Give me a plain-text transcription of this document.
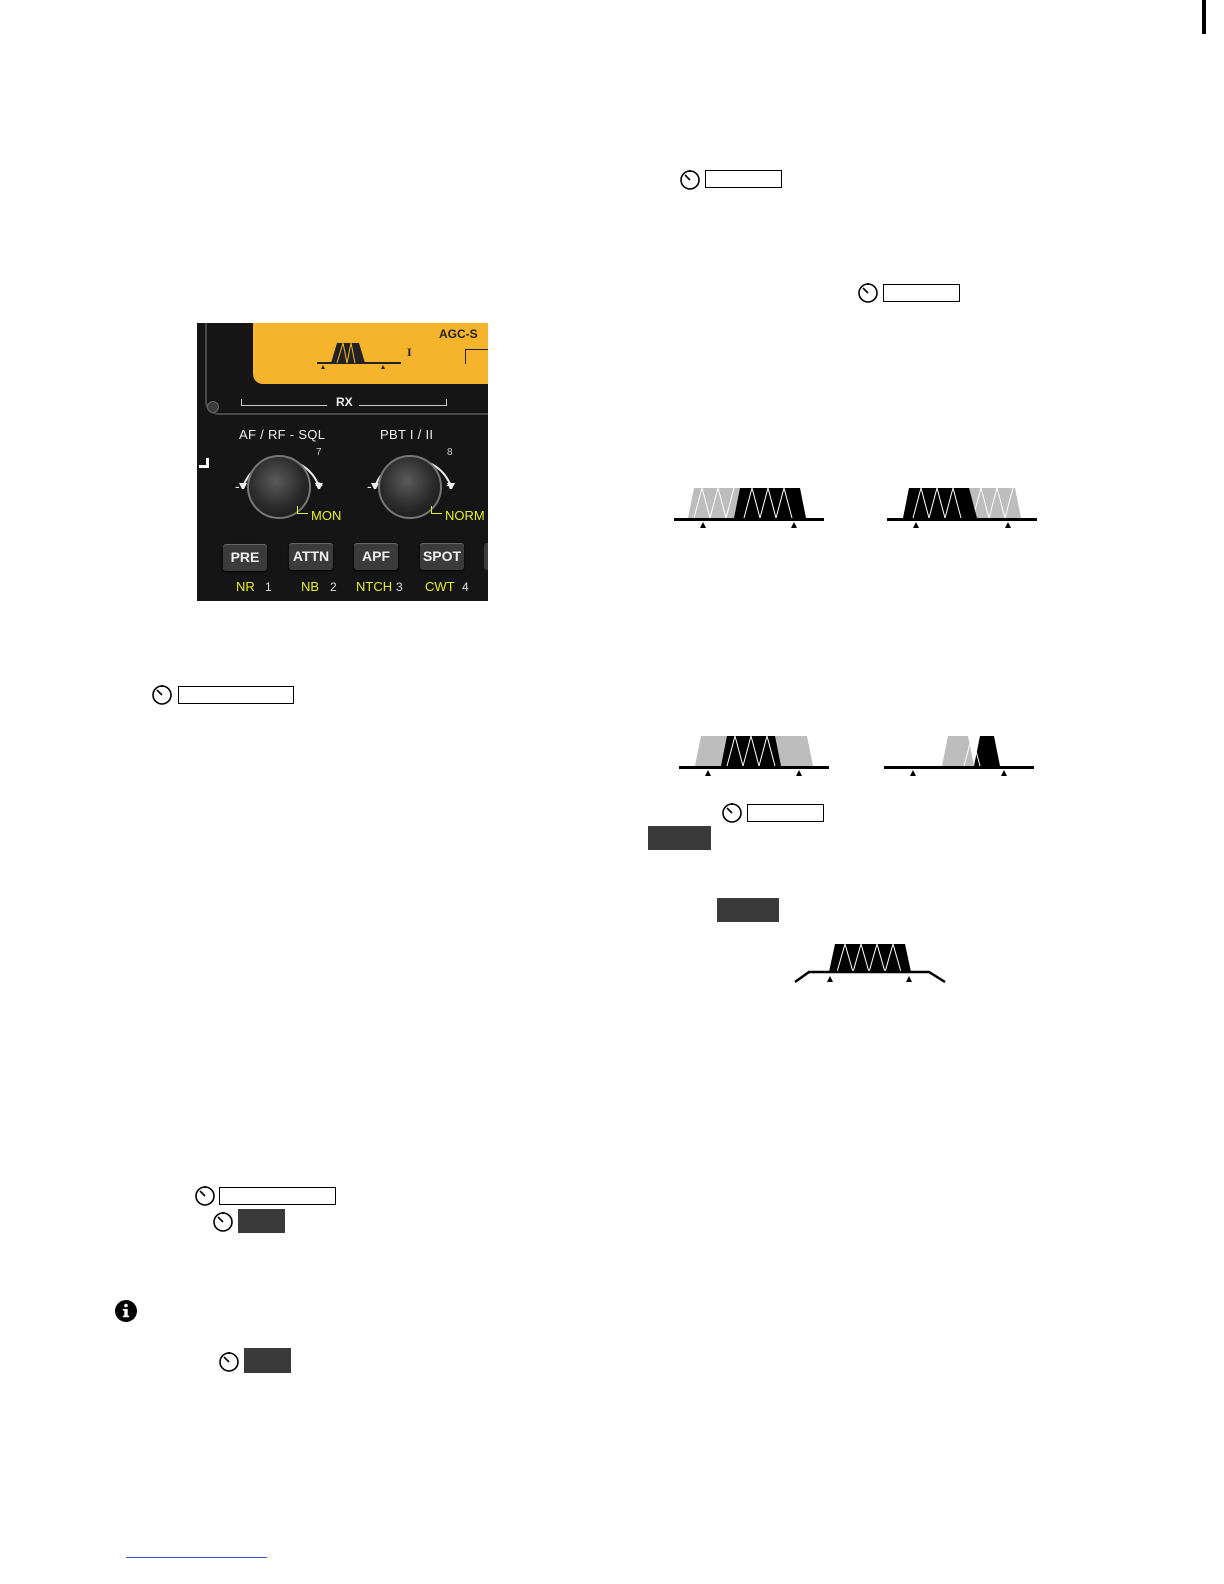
AGC-S
I
RX
AF / RF - SQL
7
-	+
MON
PBT I / II
8
-	+
NORM
PRE	ATTN	APF	SPOT
NR 1 NB 2 NTCH 3 CWT 4
